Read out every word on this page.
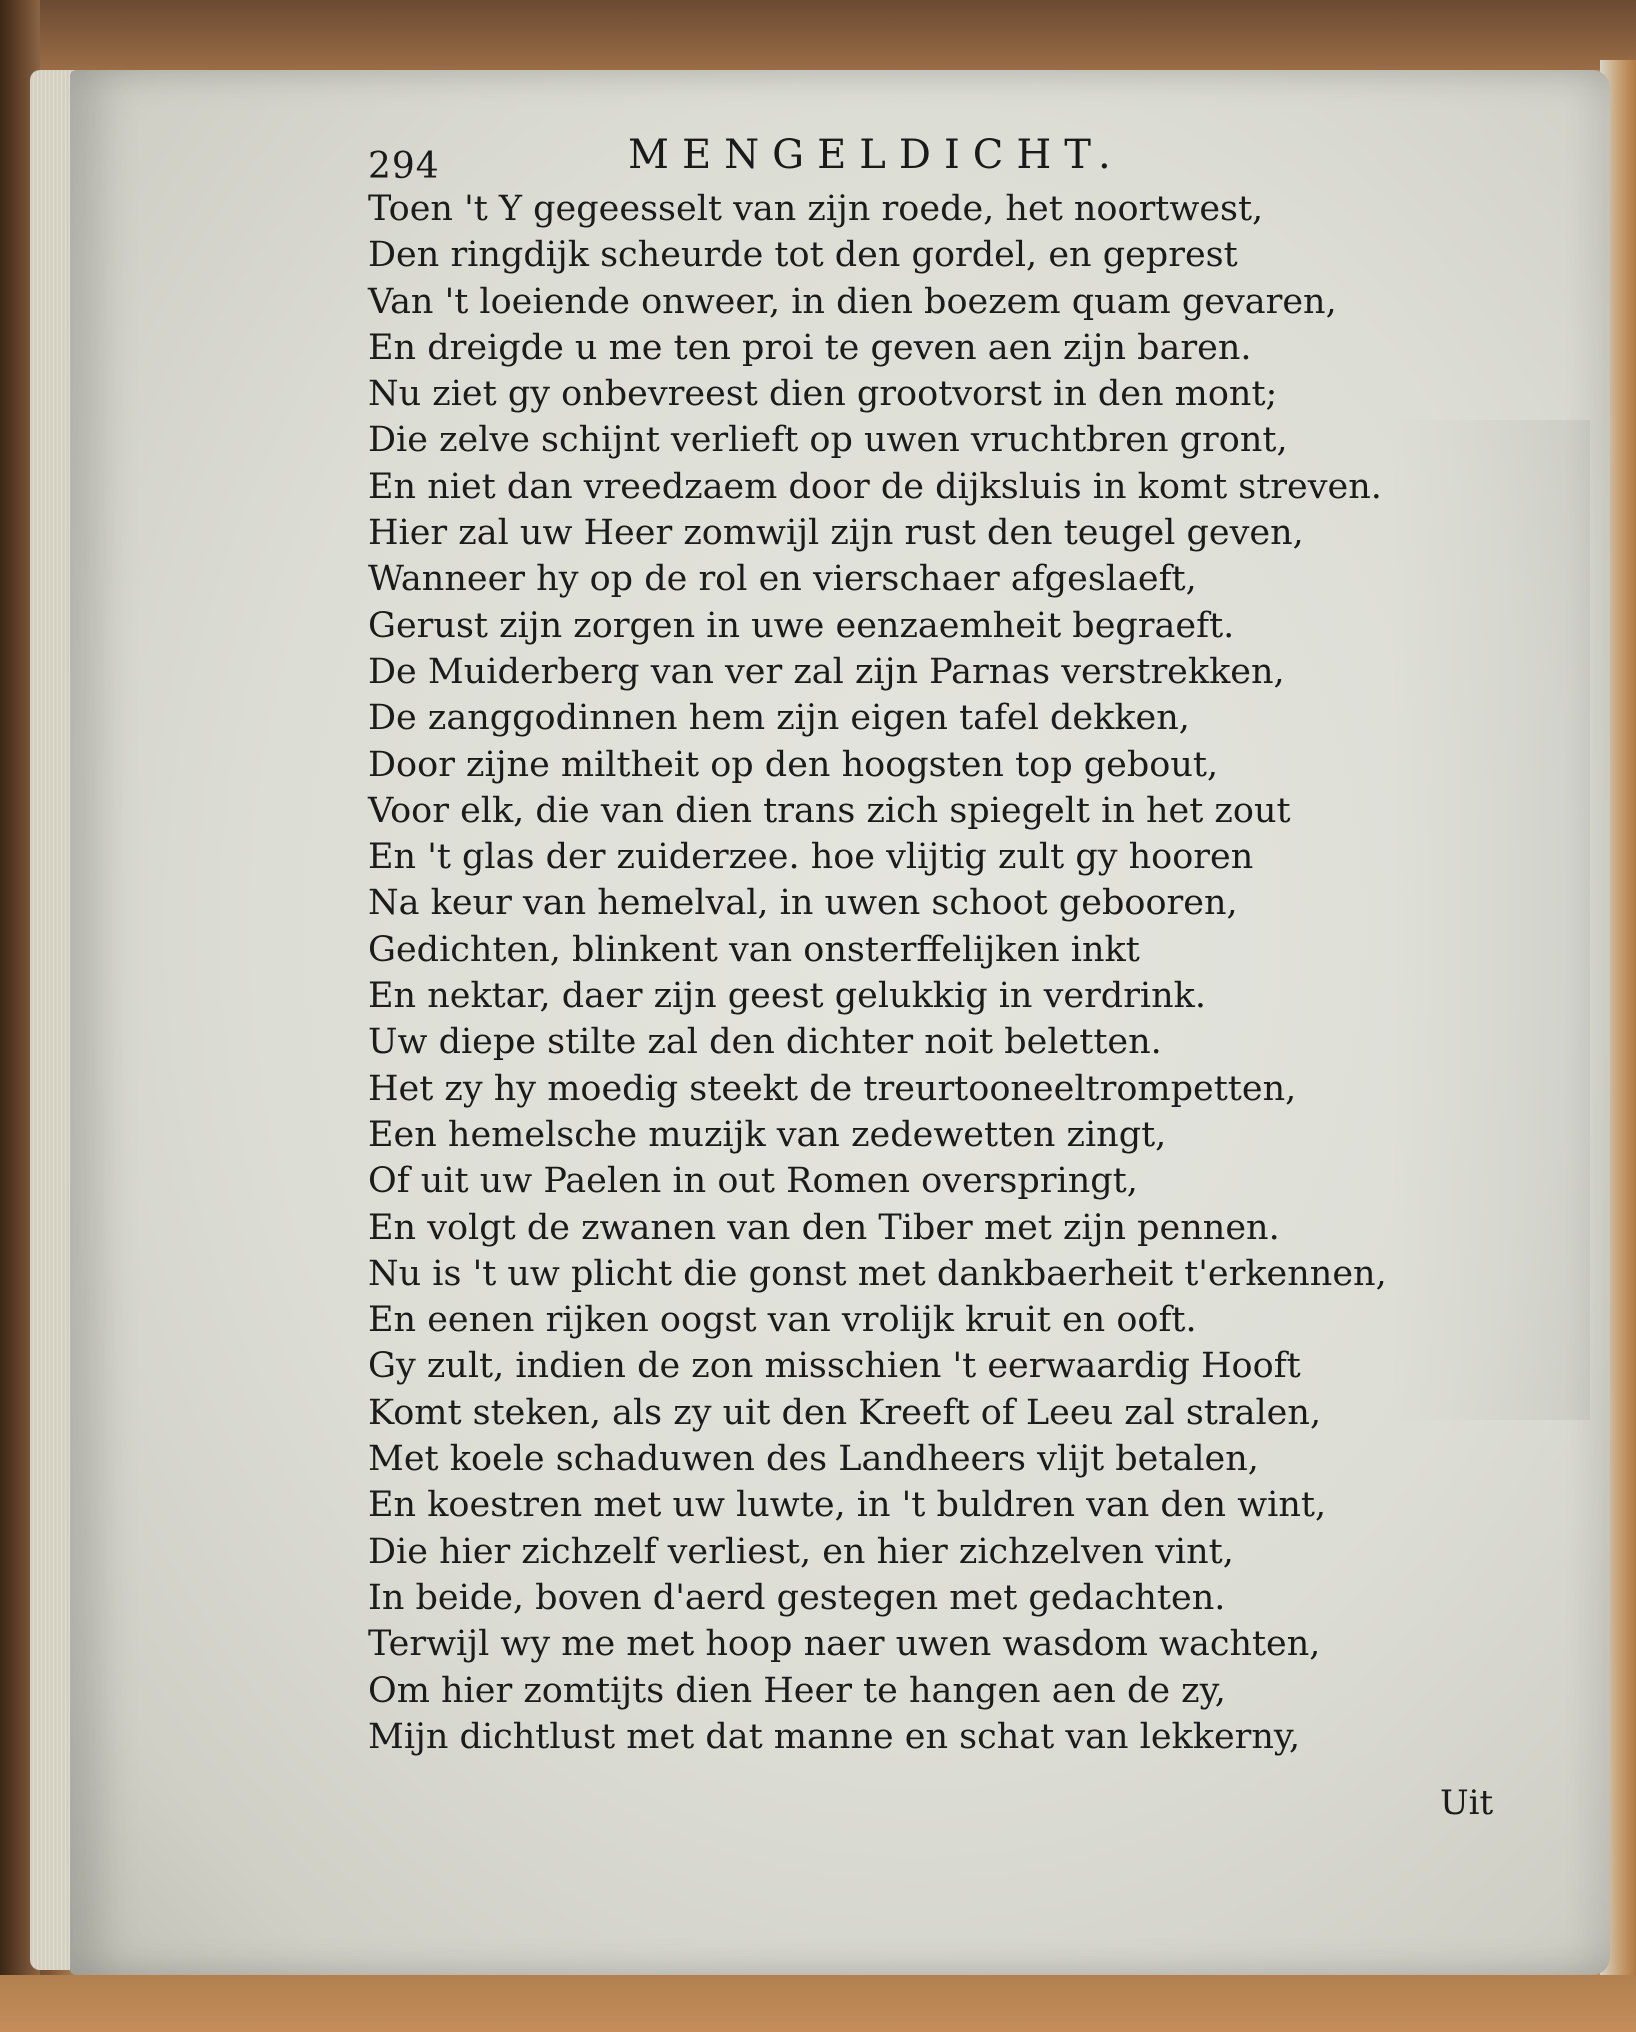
294	MENGELDICHT.
Toen 't Y gegeesselt van zijn roede, het noortwest,
Den ringdijk scheurde tot den gordel, en geprest
Van 't loeiende onweer, in dien boezem quam gevaren,
En dreigde u me ten proi te geven aen zijn baren.
Nu ziet gy onbevreest dien grootvorst in den mont;
Die zelve schijnt verlieft op uwen vruchtbren gront,
En niet dan vreedzaem door de dijksluis in komt streven.
Hier zal uw Heer zomwijl zijn rust den teugel geven,
Wanneer hy op de rol en vierschaer afgeslaeft,
Gerust zijn zorgen in uwe eenzaemheit begraeft.
De Muiderberg van ver zal zijn Parnas verstrekken,
De zanggodinnen hem zijn eigen tafel dekken,
Door zijne miltheit op den hoogsten top gebout,
Voor elk, die van dien trans zich spiegelt in het zout
En 't glas der zuiderzee. hoe vlijtig zult gy hooren
Na keur van hemelval, in uwen schoot gebooren,
Gedichten, blinkent van onsterffelijken inkt
En nektar, daer zijn geest gelukkig in verdrink.
Uw diepe stilte zal den dichter noit beletten.
Het zy hy moedig steekt de treurtooneeltrompetten,
Een hemelsche muzijk van zedewetten zingt,
Of uit uw Paelen in out Romen overspringt,
En volgt de zwanen van den Tiber met zijn pennen.
Nu is 't uw plicht die gonst met dankbaerheit t'erkennen,
En eenen rijken oogst van vrolijk kruit en ooft.
Gy zult, indien de zon misschien 't eerwaardig Hooft
Komt steken, als zy uit den Kreeft of Leeu zal stralen,
Met koele schaduwen des Landheers vlijt betalen,
En koestren met uw luwte, in 't buldren van den wint,
Die hier zichzelf verliest, en hier zichzelven vint,
In beide, boven d'aerd gestegen met gedachten.
Terwijl wy me met hoop naer uwen wasdom wachten,
Om hier zomtijts dien Heer te hangen aen de zy,
Mijn dichtlust met dat manne en schat van lekkerny,
Uit
